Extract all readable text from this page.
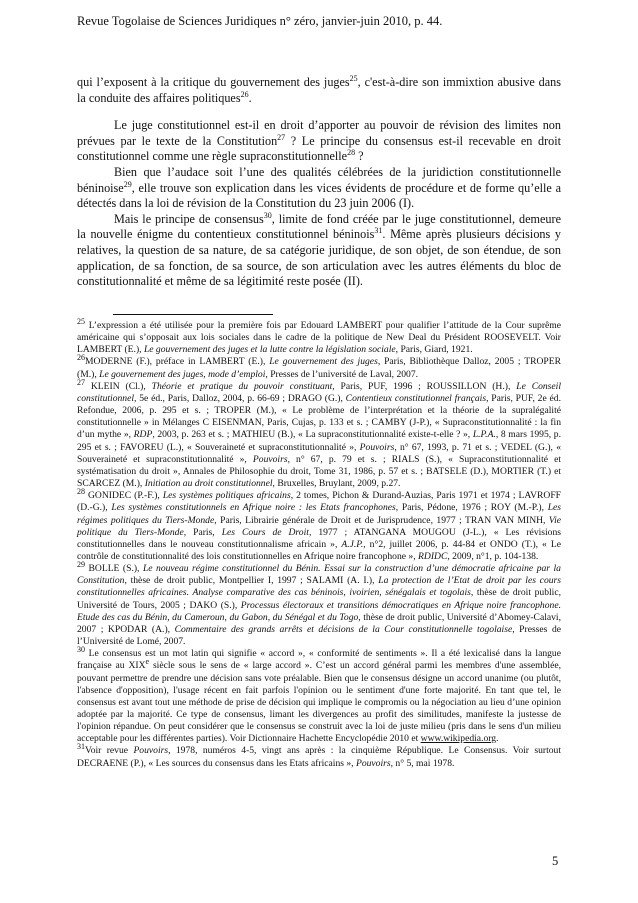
Revue Togolaise de Sciences Juridiques n° zéro, janvier-juin 2010, p. 44.

qui l’exposent à la critique du gouvernement des juges$^{25}$, c'est-à-dire son immixtion abusive dans la conduite des affaires politiques$^{26}$.

Le juge constitutionnel est-il en droit d’apporter au pouvoir de révision des limites non prévues par le texte de la Constitution$^{27}$ ? Le principe du consensus est-il recevable en droit constitutionnel comme une règle supraconstitutionnelle$^{28}$ ?

Bien que l’audace soit l’une des qualités célébrées de la juridiction constitutionnelle béninoise$^{29}$, elle trouve son explication dans les vices évidents de procédure et de forme qu’elle a détectés dans la loi de révision de la Constitution du 23 juin 2006 (I).

Mais le principe de consensus$^{30}$, limite de fond créée par le juge constitutionnel, demeure la nouvelle énigme du contentieux constitutionnel béninois$^{31}$. Même après plusieurs décisions y relatives, la question de sa nature, de sa catégorie juridique, de son objet, de son étendue, de son application, de sa fonction, de sa source, de son articulation avec les autres éléments du bloc de constitutionnalité et même de sa légitimité reste posée (II).

$^{25}$ L’expression a été utilisée pour la première fois par Edouard LAMBERT pour qualifier l’attitude de la Cour suprême américaine qui s’opposait aux lois sociales dans le cadre de la politique de New Deal du Président ROOSEVELT. Voir LAMBERT (E.), Le gouvernement des juges et la lutte contre la législation sociale, Paris, Giard, 1921.

$^{26}$MODERNE (F.), préface in LAMBERT (E.), Le gouvernement des juges, Paris, Bibliothèque Dalloz, 2005 ; TROPER (M.), Le gouvernement des juges, mode d’emploi, Presses de l’université de Laval, 2007.

$^{27}$ KLEIN (Cl.), Théorie et pratique du pouvoir constituant, Paris, PUF, 1996 ; ROUSSILLON (H.), Le Conseil constitutionnel, 5e éd., Paris, Dalloz, 2004, p. 66-69 ; DRAGO (G.), Contentieux constitutionnel français, Paris, PUF, 2e éd. Refondue, 2006, p. 295 et s. ; TROPER (M.), « Le problème de l’interprétation et la théorie de la supralégalité constitutionnelle » in Mélanges C EISENMAN, Paris, Cujas, p. 133 et s. ; CAMBY (J-P.), « Supraconstitutionnalité : la fin d’un mythe », RDP, 2003, p. 263 et s. ; MATHIEU (B.), « La supraconstitutionnalité existe-t-elle ? », L.P.A., 8 mars 1995, p. 295 et s. ; FAVOREU (L.), « Souveraineté et supraconstitutionnalité », Pouvoirs, n° 67, 1993, p. 71 et s. ; VEDEL (G.), « Souveraineté et supraconstitutionnalité », Pouvoirs, n° 67, p. 79 et s. ; RIALS (S.), « Supraconstitutionnalité et systématisation du droit », Annales de Philosophie du droit, Tome 31, 1986, p. 57 et s. ; BATSELE (D.), MORTIER (T.) et SCARCEZ (M.), Initiation au droit constitutionnel, Bruxelles, Bruylant, 2009, p.27.

$^{28}$ GONIDEC (P.-F.), Les systèmes politiques africains, 2 tomes, Pichon & Durand-Auzias, Paris 1971 et 1974 ; LAVROFF (D.-G.), Les systèmes constitutionnels en Afrique noire : les Etats francophones, Paris, Pédone, 1976 ; ROY (M.-P.), Les régimes politiques du Tiers-Monde, Paris, Librairie générale de Droit et de Jurisprudence, 1977 ; TRAN VAN MINH, Vie politique du Tiers-Monde, Paris, Les Cours de Droit, 1977 ; ATANGANA MOUGOU (J-L.), « Les révisions constitutionnelles dans le nouveau constitutionnalisme africain », A.J.P., n°2, juillet 2006, p. 44-84 et ONDO (T.), « Le contrôle de constitutionnalité des lois constitutionnelles en Afrique noire francophone », RDIDC, 2009, n°1, p. 104-138.

$^{29}$ BOLLE (S.), Le nouveau régime constitutionnel du Bénin. Essai sur la construction d’une démocratie africaine par la Constitution, thèse de droit public, Montpellier I, 1997 ; SALAMI (A. I.), La protection de l’Etat de droit par les cours constitutionnelles africaines. Analyse comparative des cas béninois, ivoirien, sénégalais et togolais, thèse de droit public, Université de Tours, 2005 ; DAKO (S.), Processus électoraux et transitions démocratiques en Afrique noire francophone. Etude des cas du Bénin, du Cameroun, du Gabon, du Sénégal et du Togo, thèse de droit public, Université d’Abomey-Calavi, 2007 ; KPODAR (A.), Commentaire des grands arrêts et décisions de la Cour constitutionnelle togolaise, Presses de l’Université de Lomé, 2007.

$^{30}$ Le consensus est un mot latin qui signifie « accord », « conformité de sentiments ». Il a été lexicalisé dans la langue française au XIXe siècle sous le sens de « large accord ». C’est un accord général parmi les membres d'une assemblée, pouvant permettre de prendre une décision sans vote préalable. Bien que le consensus désigne un accord unanime (ou plutôt, l'absence d'opposition), l'usage récent en fait parfois l'opinion ou le sentiment d'une forte majorité. En tant que tel, le consensus est avant tout une méthode de prise de décision qui implique le compromis ou la négociation au lieu d’une opinion adoptée par la majorité. Ce type de consensus, limant les divergences au profit des similitudes, manifeste la justesse de l'opinion répandue. On peut considérer que le consensus se construit avec la loi de juste milieu (pris dans le sens d'un milieu acceptable pour les différentes parties). Voir Dictionnaire Hachette Encyclopédie 2010 et www.wikipedia.org.

$^{31}$Voir revue Pouvoirs, 1978, numéros 4-5, vingt ans après : la cinquième République. Le Consensus. Voir surtout DECRAENE (P.), « Les sources du consensus dans les Etats africains », Pouvoirs, n° 5, mai 1978.

5
